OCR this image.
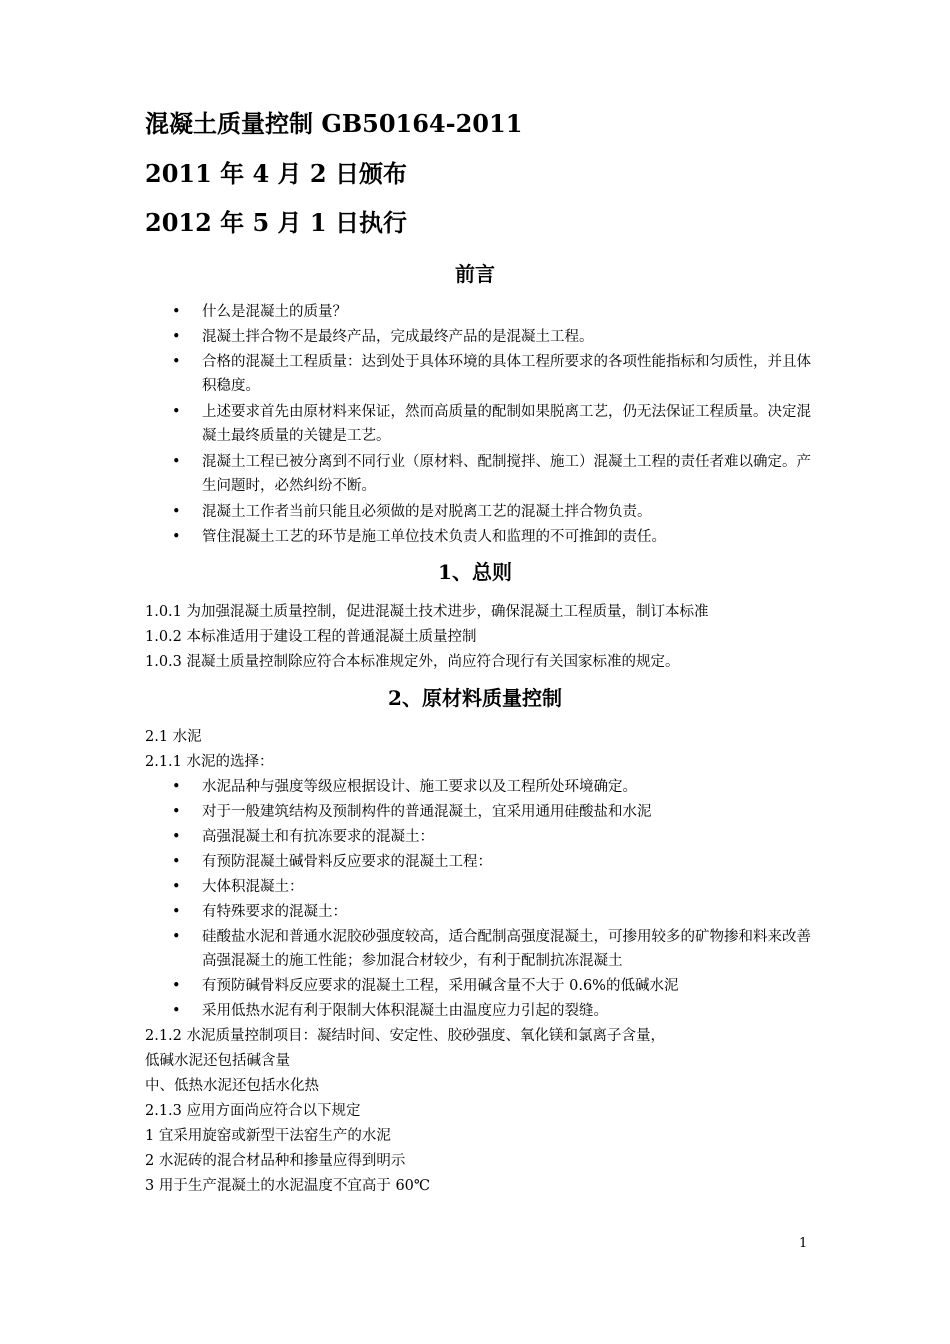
混凝土质量控制 GB50164-2011
2011 年 4 月 2 日颁布
2012 年 5 月 1 日执行
前言
• 什么是混凝土的质量？
• 混凝土拌合物不是最终产品，完成最终产品的是混凝土工程。
• 合格的混凝土工程质量：达到处于具体环境的具体工程所要求的各项性能指标和匀质性，并且体积稳度。
• 上述要求首先由原材料来保证，然而高质量的配制如果脱离工艺，仍无法保证工程质量。决定混凝土最终质量的关键是工艺。
• 混凝土工程已被分离到不同行业（原材料、配制搅拌、施工）混凝土工程的责任者难以确定。产生问题时，必然纠纷不断。
• 混凝土工作者当前只能且必须做的是对脱离工艺的混凝土拌合物负责。
• 管住混凝土工艺的环节是施工单位技术负责人和监理的不可推卸的责任。
1、总则
1.0.1 为加强混凝土质量控制，促进混凝土技术进步，确保混凝土工程质量，制订本标准
1.0.2 本标准适用于建设工程的普通混凝土质量控制
1.0.3 混凝土质量控制除应符合本标准规定外，尚应符合现行有关国家标准的规定。
2、原材料质量控制
2.1 水泥
2.1.1 水泥的选择：
• 水泥品种与强度等级应根据设计、施工要求以及工程所处环境确定。
• 对于一般建筑结构及预制构件的普通混凝土，宜采用通用硅酸盐和水泥
• 高强混凝土和有抗冻要求的混凝土：
• 有预防混凝土碱骨料反应要求的混凝土工程：
• 大体积混凝土：
• 有特殊要求的混凝土：
• 硅酸盐水泥和普通水泥胶砂强度较高，适合配制高强度混凝土，可掺用较多的矿物掺和料来改善高强混凝土的施工性能；参加混合材较少，有利于配制抗冻混凝土
• 有预防碱骨料反应要求的混凝土工程，采用碱含量不大于 0.6%的低碱水泥
• 采用低热水泥有利于限制大体积混凝土由温度应力引起的裂缝。
2.1.2 水泥质量控制项目：凝结时间、安定性、胶砂强度、氧化镁和氯离子含量，
低碱水泥还包括碱含量
中、低热水泥还包括水化热
2.1.3 应用方面尚应符合以下规定
1 宜采用旋窑或新型干法窑生产的水泥
2 水泥砖的混合材品种和掺量应得到明示
3 用于生产混凝土的水泥温度不宜高于 60℃
1
